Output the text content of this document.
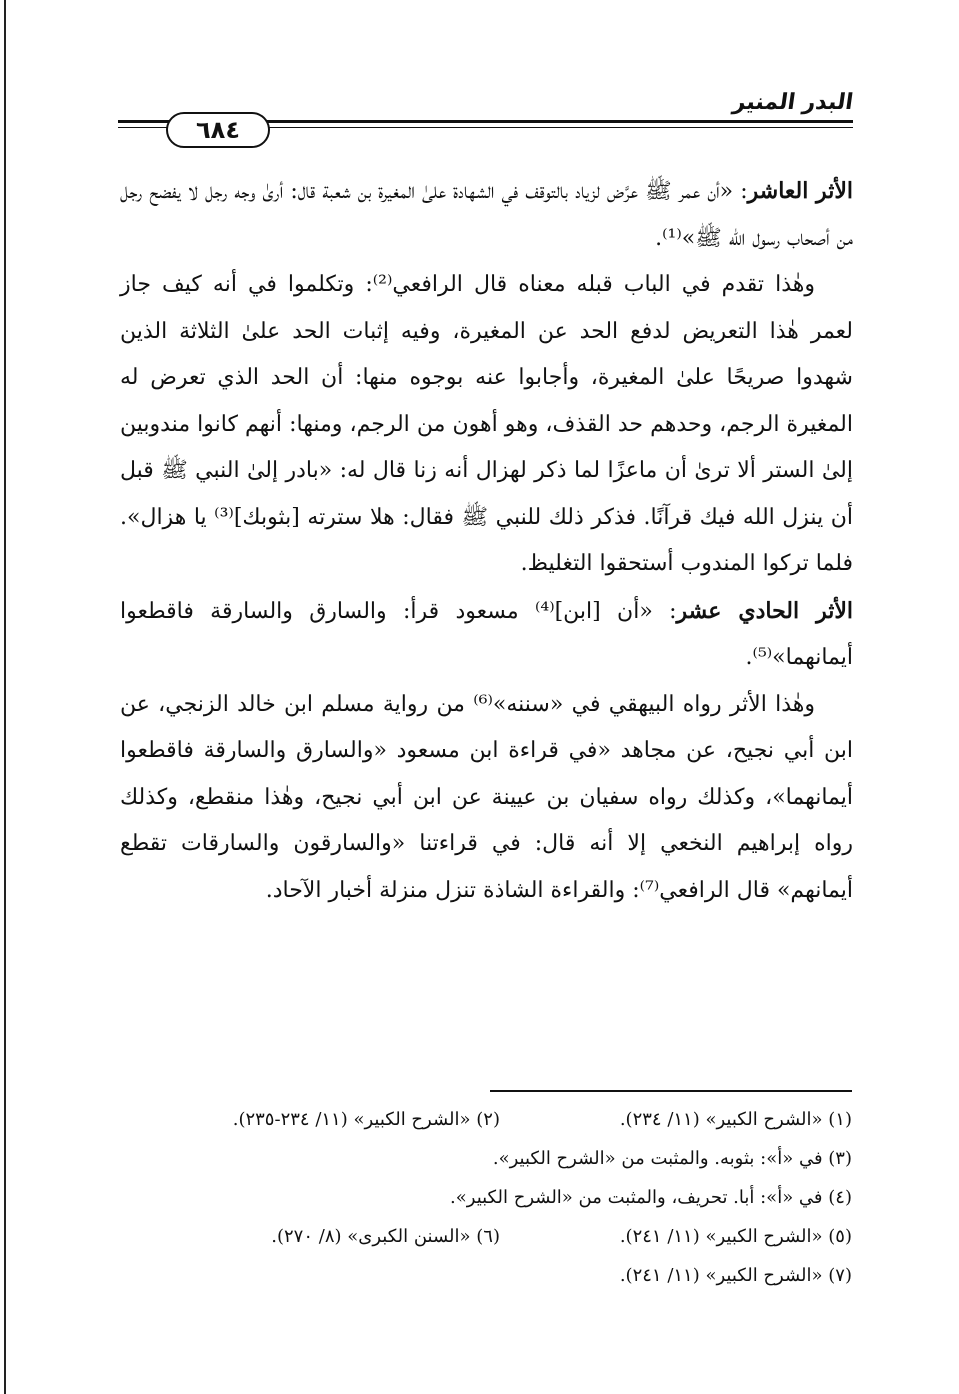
البدر المنير
٦٨٤

الأثر العاشر: «أن عمر ﷺ عرَّض لزياد بالتوقف في الشهادة علىٰ المغيرة بن شعبة قال: أرىٰ وجه رجل لا يفضح رجل من أصحاب رسول الله ﷺ»⁽¹⁾.

وهٰذا تقدم في الباب قبله معناه قال الرافعي⁽²⁾: وتكلموا في أنه كيف جاز لعمر هٰذا التعريض لدفع الحد عن المغيرة، وفيه إثبات الحد علىٰ الثلاثة الذين شهدوا صريحًا علىٰ المغيرة، وأجابوا عنه بوجوه منها: أن الحد الذي تعرض له المغيرة الرجم، وحدهم حد القذف، وهو أهون من الرجم، ومنها: أنهم كانوا مندوبين إلىٰ الستر ألا ترىٰ أن ماعزًا لما ذكر لهزال أنه زنا قال له: «بادر إلىٰ النبي ﷺ قبل أن ينزل الله فيك قرآنًا. فذكر ذلك للنبي ﷺ فقال: هلا سترته [بثوبك]⁽³⁾ يا هزال». فلما تركوا المندوب أستحقوا التغليظ.

الأثر الحادي عشر: «أن [ابن]⁽⁴⁾ مسعود قرأ: والسارق والسارقة فاقطعوا أيمانهما»⁽⁵⁾.

وهٰذا الأثر رواه البيهقي في «سننه»⁽⁶⁾ من رواية مسلم ابن خالد الزنجي، عن ابن أبي نجيح، عن مجاهد «في قراءة ابن مسعود «والسارق والسارقة فاقطعوا أيمانهما»، وكذلك رواه سفيان بن عيينة عن ابن أبي نجيح، وهٰذا منقطع، وكذلك رواه إبراهيم النخعي إلا أنه قال: في قراءتنا «والسارقون والسارقات تقطع أيمانهم» قال الرافعي⁽⁷⁾: والقراءة الشاذة تنزل منزلة أخبار الآحاد.

(١) «الشرح الكبير» (١١/ ٢٣٤).
(٢) «الشرح الكبير» (١١/ ٢٣٤-٢٣٥).
(٣) في «أ»: بثوبه. والمثبت من «الشرح الكبير».
(٤) في «أ»: أبا. تحريف، والمثبت من «الشرح الكبير».
(٥) «الشرح الكبير» (١١/ ٢٤١).
(٦) «السنن الكبرى» (٨/ ٢٧٠).
(٧) «الشرح الكبير» (١١/ ٢٤١).
